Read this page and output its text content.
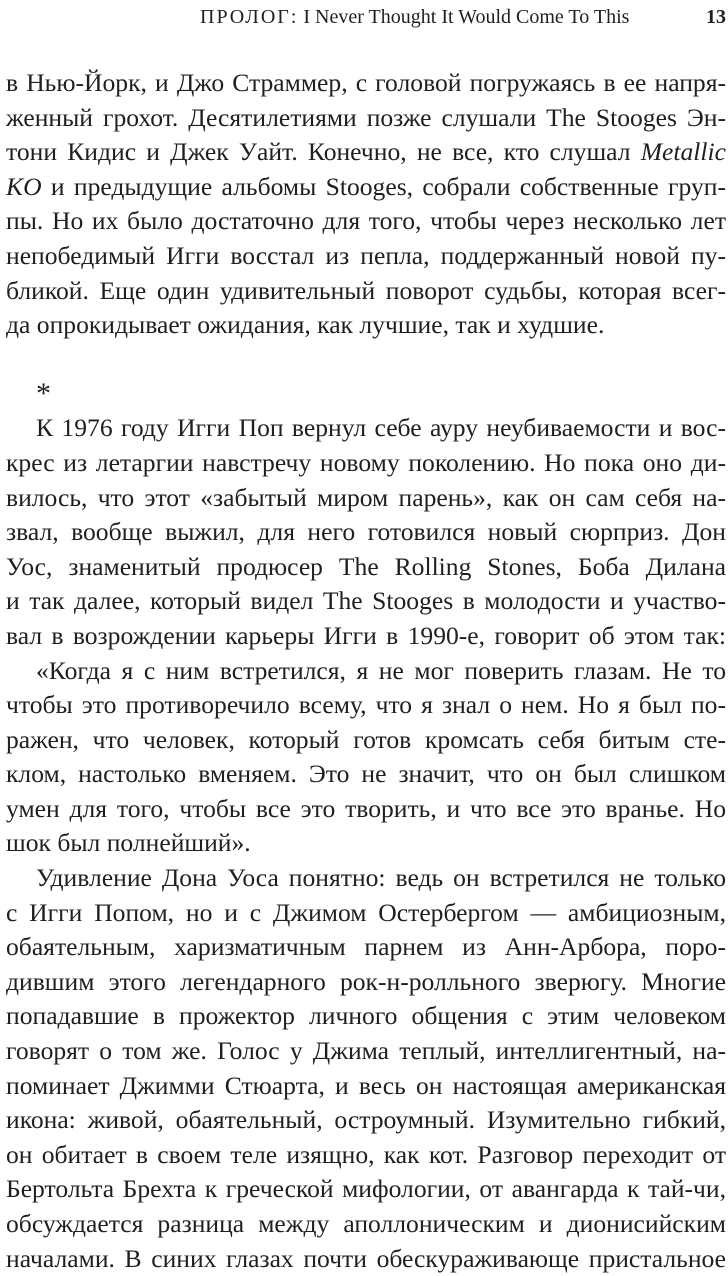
ПРОЛОГ: I Never Thought It Would Come To This	13
в Нью-Йорк, и Джо Страммер, с головой погружаясь в ее напря-
женный грохот. Десятилетиями позже слушали The Stooges Эн-
тони Кидис и Джек Уайт. Конечно, не все, кто слушал Metallic
KO и предыдущие альбомы Stooges, собрали собственные груп-
пы. Но их было достаточно для того, чтобы через несколько лет
непобедимый Игги восстал из пепла, поддержанный новой пу-
бликой. Еще один удивительный поворот судьбы, которая всег-
да опрокидывает ожидания, как лучшие, так и худшие.
*
К 1976 году Игги Поп вернул себе ауру неубиваемости и вос-
крес из летаргии навстречу новому поколению. Но пока оно ди-
вилось, что этот «забытый миром парень», как он сам себя на-
звал, вообще выжил, для него готовился новый сюрприз. Дон
Уос, знаменитый продюсер The Rolling Stones, Боба Дилана
и так далее, который видел The Stooges в молодости и участво-
вал в возрождении карьеры Игги в 1990-е, говорит об этом так:
«Когда я с ним встретился, я не мог поверить глазам. Не то
чтобы это противоречило всему, что я знал о нем. Но я был по-
ражен, что человек, который готов кромсать себя битым сте-
клом, настолько вменяем. Это не значит, что он был слишком
умен для того, чтобы все это творить, и что все это вранье. Но
шок был полнейший».
Удивление Дона Уоса понятно: ведь он встретился не только
с Игги Попом, но и с Джимом Остербергом — амбициозным,
обаятельным, харизматичным парнем из Анн-Арбора, поро-
дившим этого легендарного рок-н-ролльного зверюгу. Многие
попадавшие в прожектор личного общения с этим человеком
говорят о том же. Голос у Джима теплый, интеллигентный, на-
поминает Джимми Стюарта, и весь он настоящая американская
икона: живой, обаятельный, остроумный. Изумительно гибкий,
он обитает в своем теле изящно, как кот. Разговор переходит от
Бертольта Брехта к греческой мифологии, от авангарда к тай-чи,
обсуждается разница между аполлоническим и дионисийским
началами. В синих глазах почти обескураживающе пристальное
